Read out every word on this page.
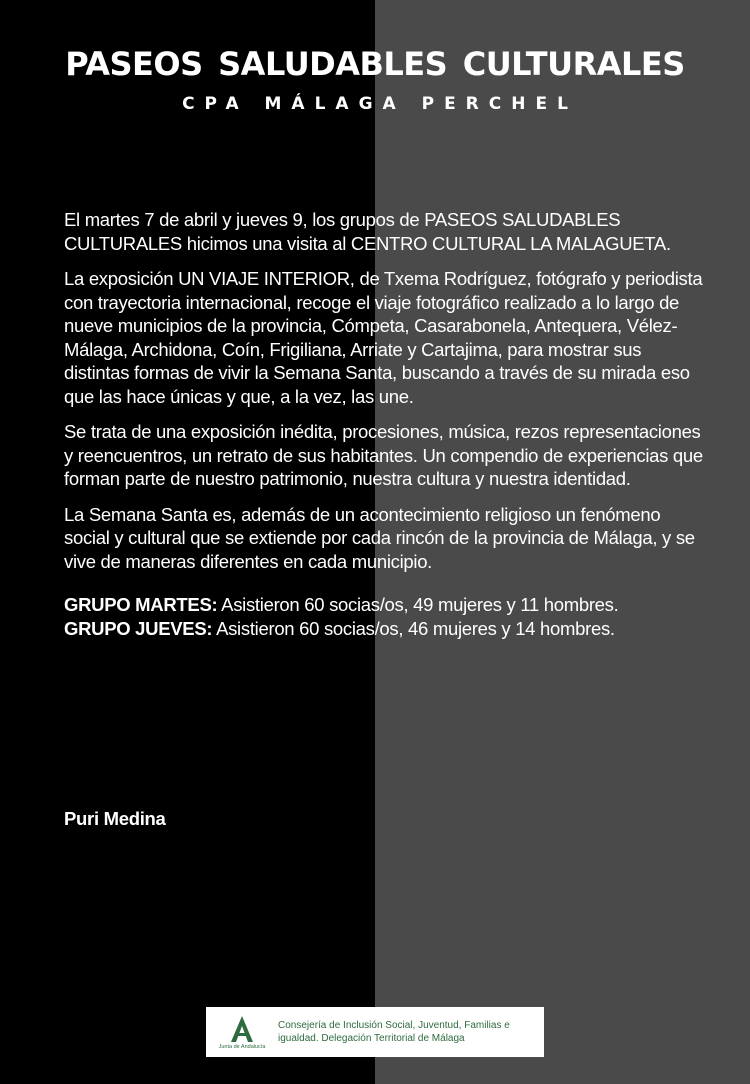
paseos saludables culturales
CPA MÁLAGA PERCHEL

El martes 7 de abril y jueves 9, los grupos de PASEOS SALUDABLES CULTURALES hicimos una visita al CENTRO CULTURAL LA MALAGUETA.

La exposición UN VIAJE INTERIOR, de Txema Rodríguez, fotógrafo y periodista con trayectoria internacional, recoge el viaje fotográfico realizado a lo largo de nueve municipios de la provincia, Cómpeta, Casarabonela, Antequera, Vélez-Málaga, Archidona, Coín, Frigiliana, Arriate y Cartajima, para mostrar sus distintas formas de vivir la Semana Santa, buscando a través de su mirada eso que las hace únicas y que, a la vez, las une.

Se trata de una exposición inédita, procesiones, música, rezos representaciones y reencuentros, un retrato de sus habitantes. Un compendio de experiencias que forman parte de nuestro patrimonio, nuestra cultura y nuestra identidad.

La Semana Santa es, además de un acontecimiento religioso un fenómeno social y cultural que se extiende por cada rincón de la provincia de Málaga, y se vive de maneras diferentes en cada municipio.

GRUPO MARTES: Asistieron 60 socias/os, 49 mujeres y 11 hombres.

GRUPO JUEVES: Asistieron 60 socias/os, 46 mujeres y 14 hombres.

Puri Medina
Junta de Andalucía
Consejería de Inclusión Social, Juventud, Familias e
igualdad. Delegación Territorial de Málaga
